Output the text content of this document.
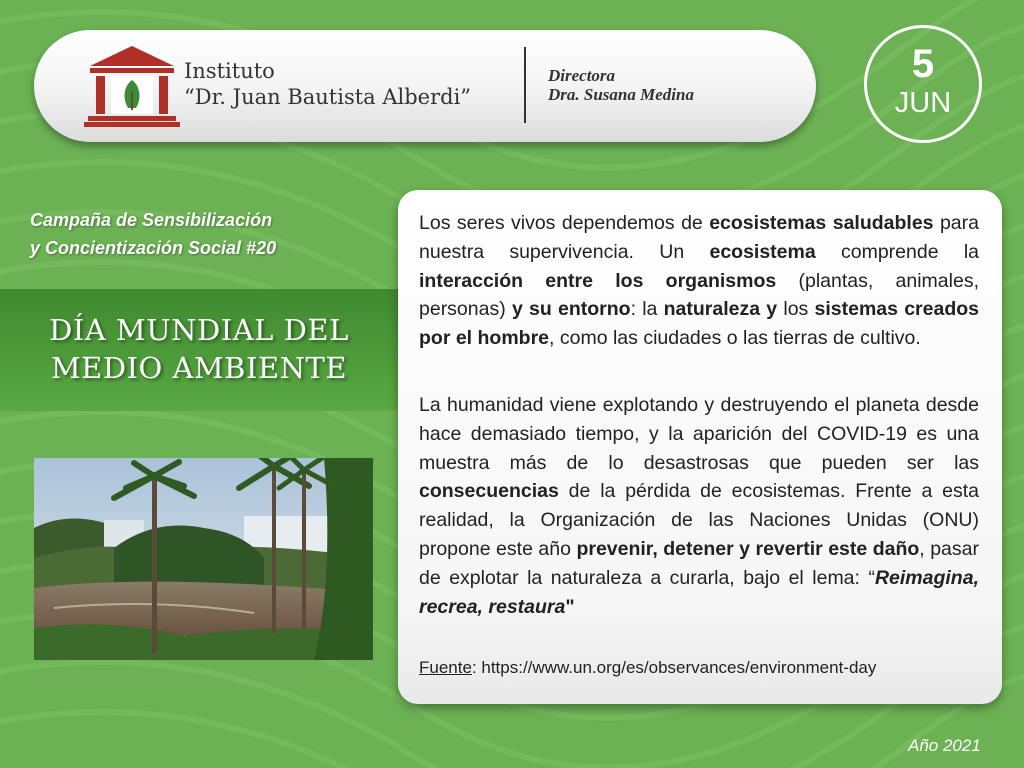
Instituto
“Dr. Juan Bautista Alberdi”
Directora
Dra. Susana Medina
5
JUN
Campaña de Sensibilización
y Concientización Social #20
DÍA MUNDIAL DEL
MEDIO AMBIENTE

Los seres vivos dependemos de ecosistemas saludables para nuestra supervivencia. Un ecosistema comprende la interacción entre los organismos (plantas, animales, personas) y su entorno: la naturaleza y los sistemas creados por el hombre, como las ciudades o las tierras de cultivo.

La humanidad viene explotando y destruyendo el planeta desde hace demasiado tiempo, y la aparición del COVID-19 es una muestra más de lo desastrosas que pueden ser las consecuencias de la pérdida de ecosistemas. Frente a esta realidad, la Organización de las Naciones Unidas (ONU) propone este año prevenir, detener y revertir este daño, pasar de explotar la naturaleza a curarla, bajo el lema: “Reimagina, recrea, restaura"

Fuente: https://www.un.org/es/observances/environment-day
Año 2021
